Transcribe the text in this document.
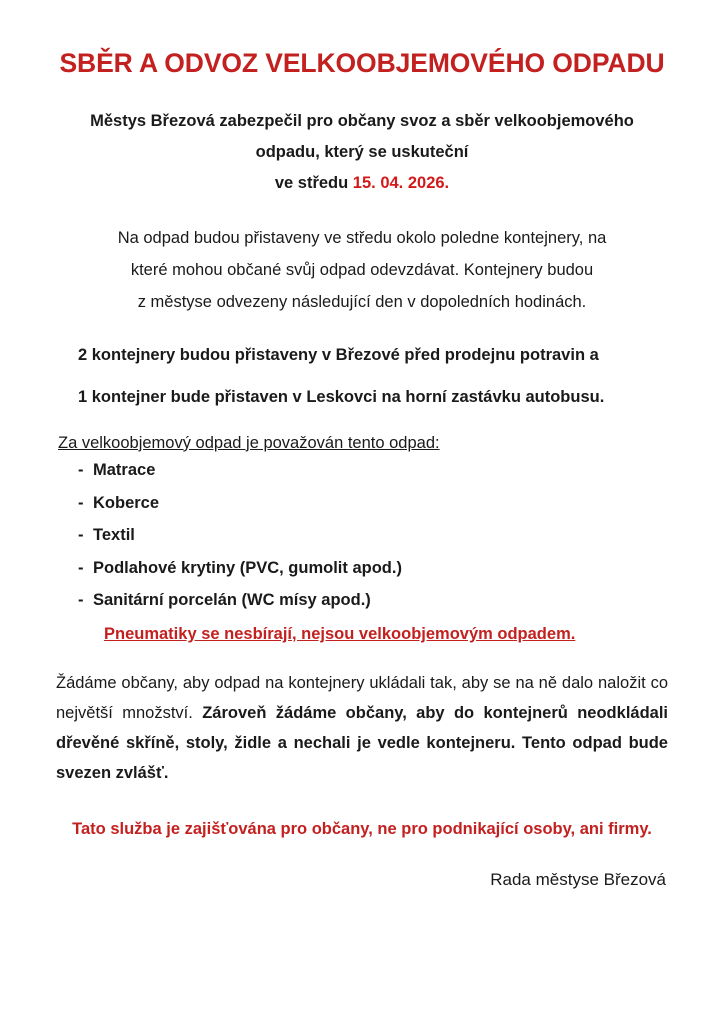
SBĚR A ODVOZ VELKOOBJEMOVÉHO ODPADU
Městys Březová zabezpečil pro občany svoz a sběr velkoobjemového
odpadu, který se uskuteční
ve středu 15. 04. 2026.
Na odpad budou přistaveny ve středu okolo poledne kontejnery, na
které mohou občané svůj odpad odevzdávat. Kontejnery budou
z městyse odvezeny následující den v dopoledních hodinách.
2 kontejnery budou přistaveny v Březové před prodejnu potravin a
1 kontejner bude přistaven v Leskovci na horní zastávku autobusu.
Za velkoobjemový odpad je považován tento odpad:
- Matrace
- Koberce
- Textil
- Podlahové krytiny (PVC, gumolit apod.)
- Sanitární porcelán (WC mísy apod.)
Pneumatiky se nesbírají, nejsou velkoobjemovým odpadem.

Žádáme občany, aby odpad na kontejnery ukládali tak, aby se na ně dalo naložit co největší množství. Zároveň žádáme občany, aby do kontejnerů neodkládali dřevěné skříně, stoly, židle a nechali je vedle kontejneru. Tento odpad bude svezen zvlášť.

Tato služba je zajišťována pro občany, ne pro podnikající osoby, ani firmy.
Rada městyse Březová
